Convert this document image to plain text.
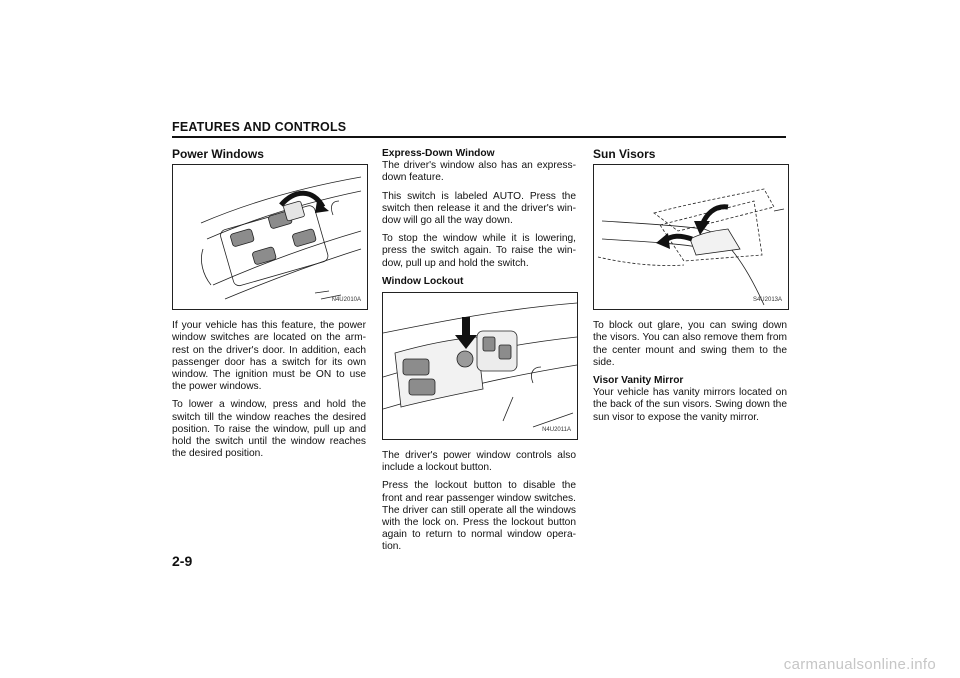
FEATURES AND CONTROLS
Power Windows
N4U2010A

If your vehicle has this feature, the power window switches are located on the arm-rest on the driver's door. In addition, each passenger door has a switch for its own window. The ignition must be ON to use the power windows.

To lower a window, press and hold the switch till the window reaches the desired position. To raise the window, pull up and hold the switch until the window reaches the desired position.

Express-Down Window

The driver's window also has an express-down feature.

This switch is labeled AUTO. Press the switch then release it and the driver's win-dow will go all the way down.

To stop the window while it is lowering, press the switch again. To raise the win-dow, pull up and hold the switch.

Window Lockout
N4U2011A

The driver's power window controls also include a lockout button.

Press the lockout button to disable the front and rear passenger window switches. The driver can still operate all the windows with the lock on. Press the lockout button again to return to normal window opera-tion.

Sun Visors
S4U2013A

To block out glare, you can swing down the visors. You can also remove them from the center mount and swing them to the side.

Visor Vanity Mirror

Your vehicle has vanity mirrors located on the back of the sun visors. Swing down the sun visor to expose the vanity mirror.

2-9
carmanualsonline.info
